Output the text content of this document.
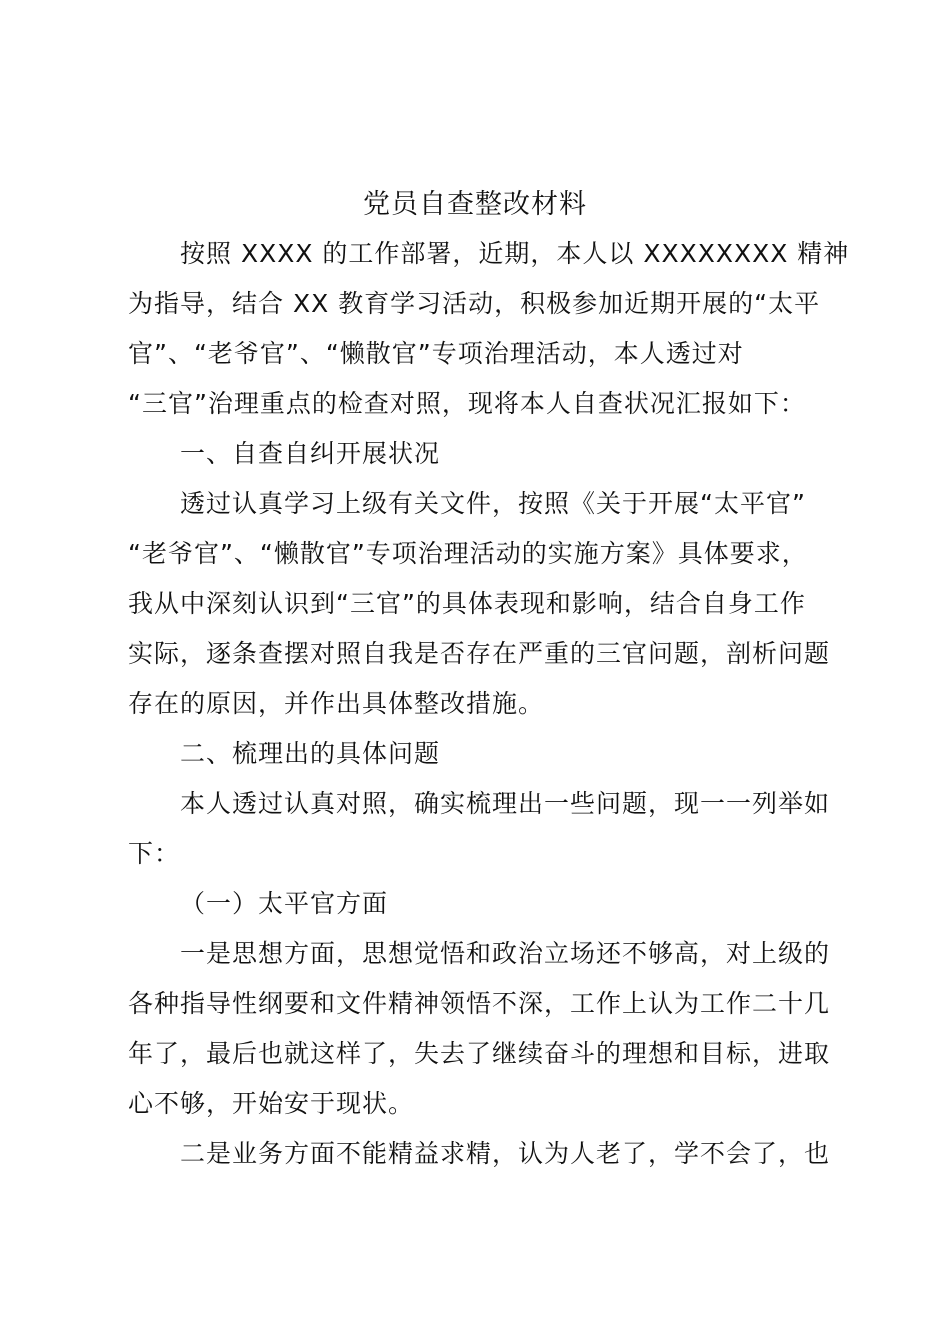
党员自查整改材料
按照 XXXX 的工作部署，近期，本人以 XXXXXXXX 精神
为指导，结合 XX 教育学习活动，积极参加近期开展的“太平
官”、“老爷官”、“懒散官”专项治理活动，本人透过对
“三官”治理重点的检查对照，现将本人自查状况汇报如下：
一、自查自纠开展状况
透过认真学习上级有关文件，按照《关于开展“太平官”
“老爷官”、“懒散官”专项治理活动的实施方案》具体要求，
我从中深刻认识到“三官”的具体表现和影响，结合自身工作
实际，逐条查摆对照自我是否存在严重的三官问题，剖析问题
存在的原因，并作出具体整改措施。
二、梳理出的具体问题
本人透过认真对照，确实梳理出一些问题，现一一列举如
下：
（一）太平官方面
一是思想方面，思想觉悟和政治立场还不够高，对上级的
各种指导性纲要和文件精神领悟不深，工作上认为工作二十几
年了，最后也就这样了，失去了继续奋斗的理想和目标，进取
心不够，开始安于现状。
二是业务方面不能精益求精，认为人老了，学不会了，也
